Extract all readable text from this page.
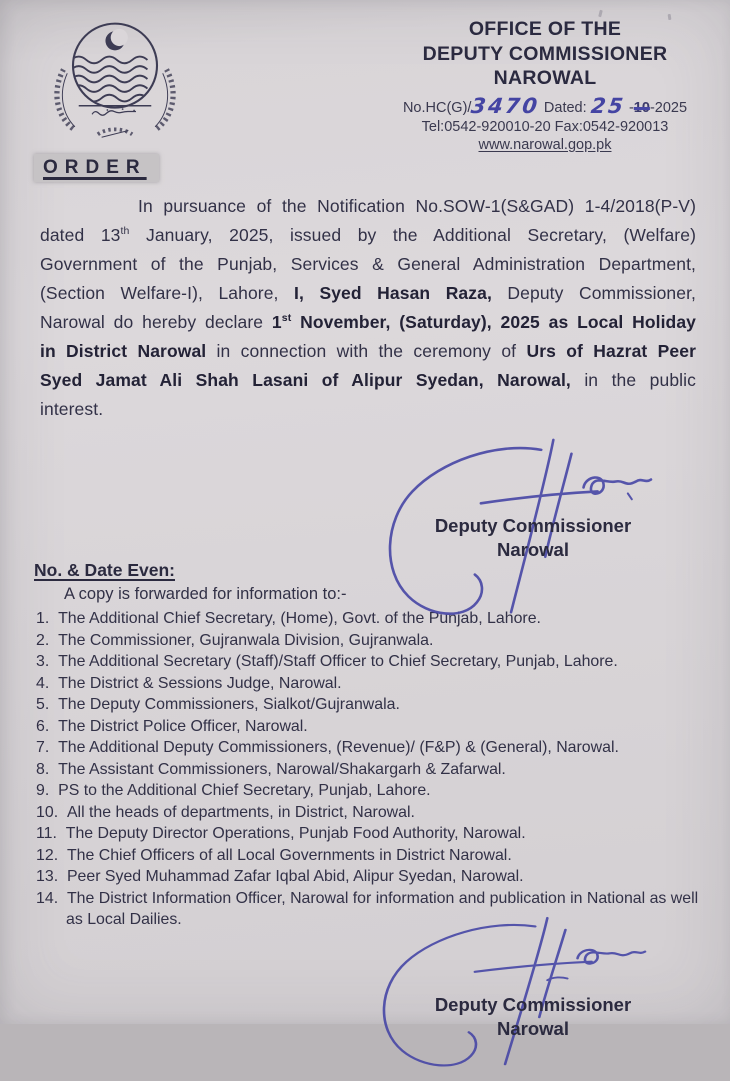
ORDER
OFFICE OF THE
DEPUTY COMMISSIONER
NAROWAL
No.HC(G)/3470 Dated: 25 -10-2025
Tel:0542-920010-20 Fax:0542-920013
www.narowal.gop.pk

In pursuance of the Notification No.SOW-1(S&GAD) 1-4/2018(P-V) dated 13th January, 2025, issued by the Additional Secretary, (Welfare) Government of the Punjab, Services & General Administration Department, (Section Welfare-I), Lahore, I, Syed Hasan Raza, Deputy Commissioner, Narowal do hereby declare 1st November, (Saturday), 2025 as Local Holiday in District Narowal in connection with the ceremony of Urs of Hazrat Peer Syed Jamat Ali Shah Lasani of Alipur Syedan, Narowal, in the public interest.

Deputy Commissioner
Narowal
No. & Date Even:
A copy is forwarded for information to:-
The Additional Chief Secretary, (Home), Govt. of the Punjab, Lahore.
The Commissioner, Gujranwala Division, Gujranwala.
The Additional Secretary (Staff)/Staff Officer to Chief Secretary, Punjab, Lahore.
The District & Sessions Judge, Narowal.
The Deputy Commissioners, Sialkot/Gujranwala.
The District Police Officer, Narowal.
The Additional Deputy Commissioners, (Revenue)/ (F&P) & (General), Narowal.
The Assistant Commissioners, Narowal/Shakargarh & Zafarwal.
PS to the Additional Chief Secretary, Punjab, Lahore.
All the heads of departments, in District, Narowal.
The Deputy Director Operations, Punjab Food Authority, Narowal.
The Chief Officers of all Local Governments in District Narowal.
Peer Syed Muhammad Zafar Iqbal Abid, Alipur Syedan, Narowal.
The District Information Officer, Narowal for information and publication in National as well as Local Dailies.
Deputy Commissioner
Narowal
